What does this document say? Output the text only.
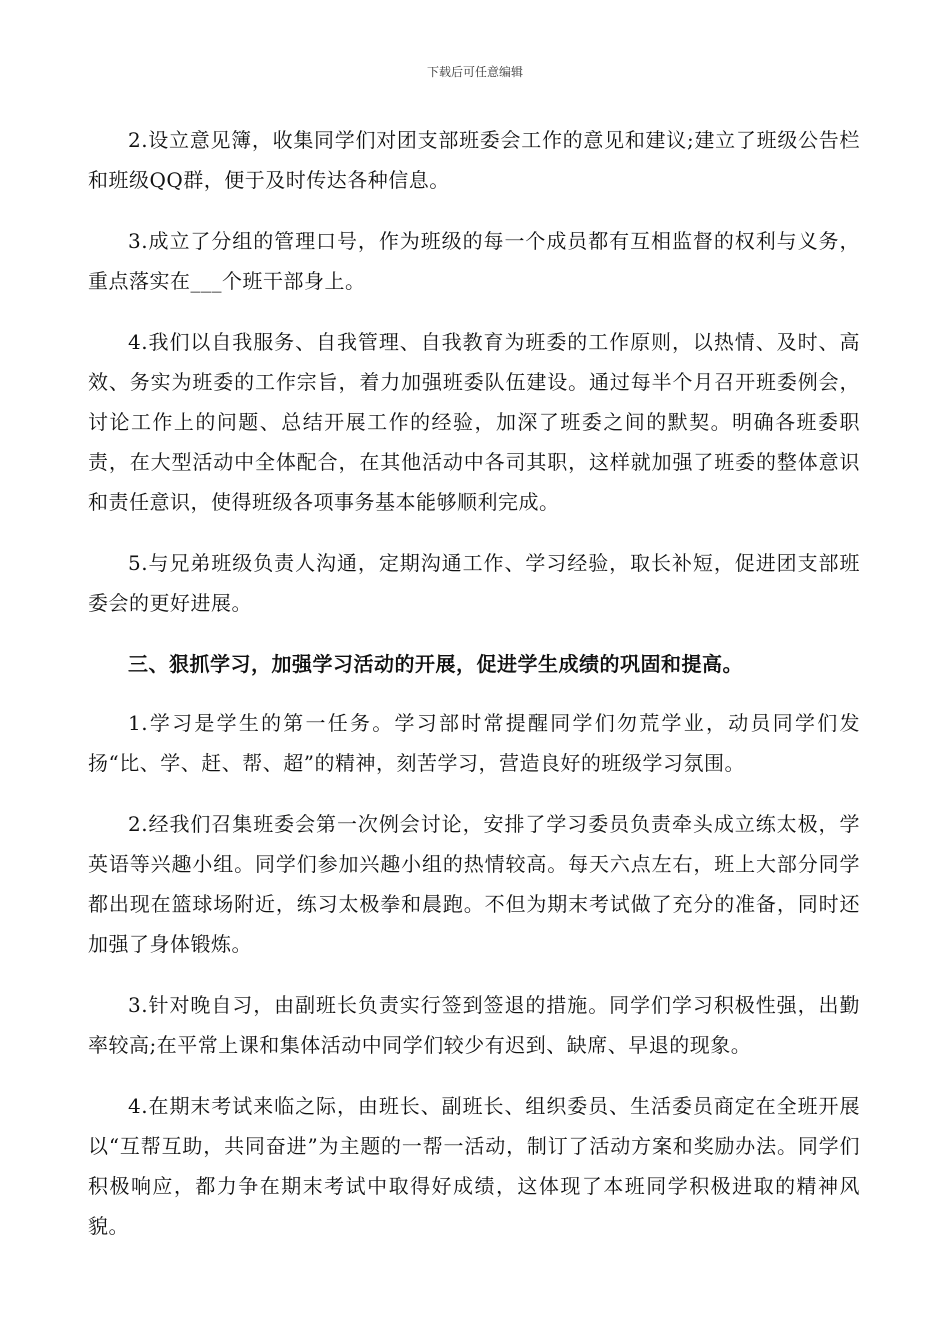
下载后可任意编辑

2.设立意见簿，收集同学们对团支部班委会工作的意见和建议;建立了班级公告栏和班级QQ群，便于及时传达各种信息。

3.成立了分组的管理口号，作为班级的每一个成员都有互相监督的权利与义务，重点落实在___个班干部身上。

4.我们以自我服务、自我管理、自我教育为班委的工作原则，以热情、及时、高效、务实为班委的工作宗旨，着力加强班委队伍建设。通过每半个月召开班委例会，讨论工作上的问题、总结开展工作的经验，加深了班委之间的默契。明确各班委职责，在大型活动中全体配合，在其他活动中各司其职，这样就加强了班委的整体意识和责任意识，使得班级各项事务基本能够顺利完成。

5.与兄弟班级负责人沟通，定期沟通工作、学习经验，取长补短，促进团支部班委会的更好进展。

三、狠抓学习，加强学习活动的开展，促进学生成绩的巩固和提高。

1.学习是学生的第一任务。学习部时常提醒同学们勿荒学业，动员同学们发扬“比、学、赶、帮、超”的精神，刻苦学习，营造良好的班级学习氛围。

2.经我们召集班委会第一次例会讨论，安排了学习委员负责牵头成立练太极，学英语等兴趣小组。同学们参加兴趣小组的热情较高。每天六点左右，班上大部分同学都出现在篮球场附近，练习太极拳和晨跑。不但为期末考试做了充分的准备，同时还加强了身体锻炼。

3.针对晚自习，由副班长负责实行签到签退的措施。同学们学习积极性强，出勤率较高;在平常上课和集体活动中同学们较少有迟到、缺席、早退的现象。

4.在期末考试来临之际，由班长、副班长、组织委员、生活委员商定在全班开展以“互帮互助，共同奋进”为主题的一帮一活动，制订了活动方案和奖励办法。同学们积极响应，都力争在期末考试中取得好成绩，这体现了本班同学积极进取的精神风貌。
